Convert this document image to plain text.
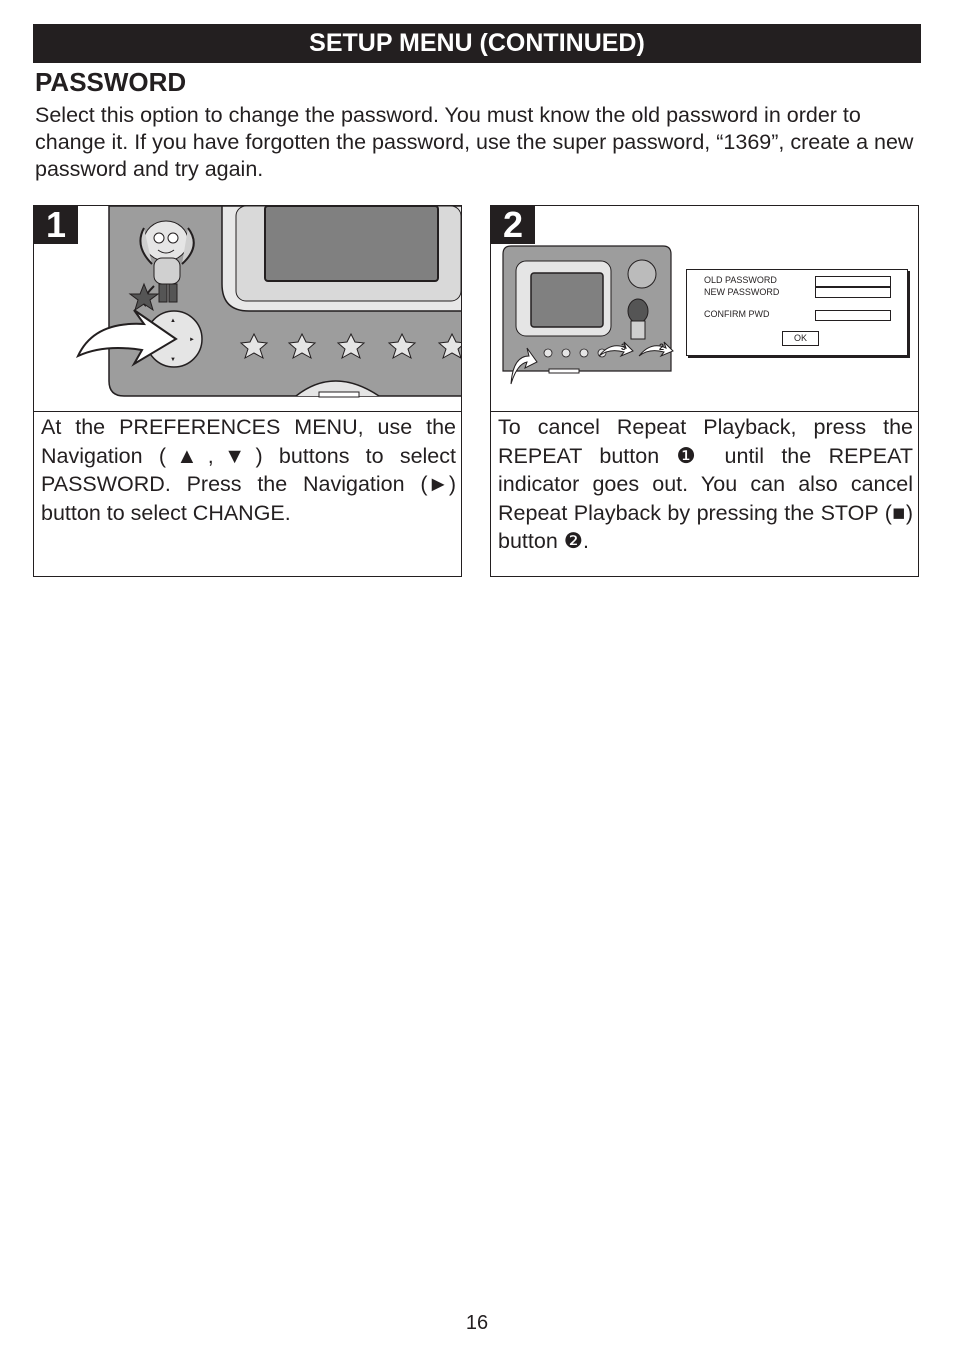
SETUP MENU (CONTINUED)
PASSWORD

Select this option to change the password. You must know the old password in order to change it. If you have forgotten the password, use the super password, “1369”, create a new password and try again.

1
▲
▼
►

At the PREFERENCES MENU, use the Navigation (▲,▼) buttons to select PASSWORD. Press the Navigation (►) button to select CHANGE.

2
3	2
OLD PASSWORD
NEW PASSWORD
CONFIRM PWD
OK

To cancel Repeat Playback, press the REPEAT button ❶ until the REPEAT indicator goes out. You can also cancel Repeat Playback by pressing the STOP (■) button ❷.

16
